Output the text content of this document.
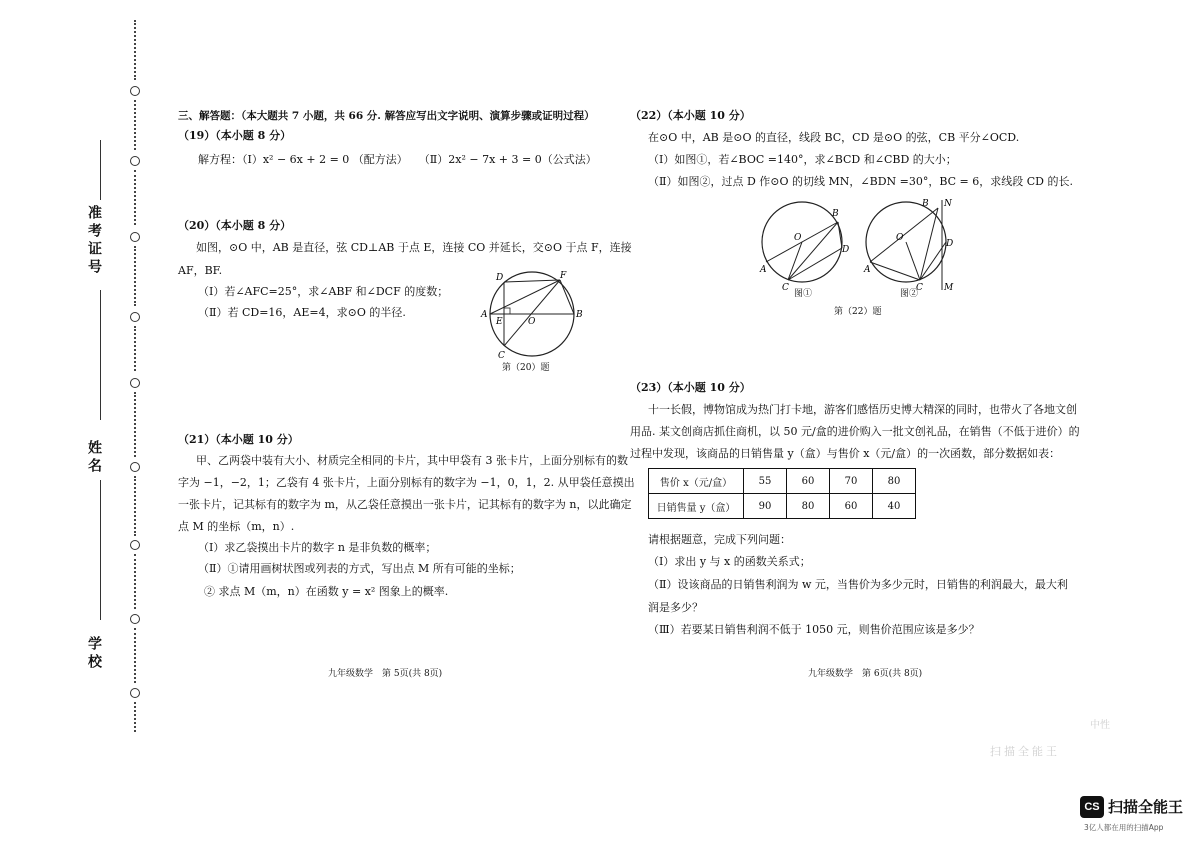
准考证号
姓名
学校
三、解答题：（本大题共 7 小题，共 66 分. 解答应写出文字说明、演算步骤或证明过程）
（19）（本小题 8 分）
解方程：（Ⅰ）x² − 6x + 2 = 0 （配方法）　　（Ⅱ）2x² − 7x + 3 = 0（公式法）
（20）（本小题 8 分）
如图，⊙O 中，AB 是直径，弦 CD⊥AB 于点 E，连接 CO 并延长，交⊙O 于点 F，连接
AF，BF.
（Ⅰ）若∠AFC=25°，求∠ABF 和∠DCF 的度数；
（Ⅱ）若 CD=16，AE=4，求⊙O 的半径.
D	F
A
E	O
B
C
第（20）题
（21）（本小题 10 分）
甲、乙两袋中装有大小、材质完全相同的卡片，其中甲袋有 3 张卡片，上面分别标有的数
字为 −1，−2，1；乙袋有 4 张卡片，上面分别标有的数字为 −1，0，1，2. 从甲袋任意摸出
一张卡片，记其标有的数字为 m，从乙袋任意摸出一张卡片，记其标有的数字为 n，以此确定
点 M 的坐标（m，n）.
（Ⅰ）求乙袋摸出卡片的数字 n 是非负数的概率；
（Ⅱ）①请用画树状图或列表的方式，写出点 M 所有可能的坐标；
② 求点 M（m，n）在函数 y = x² 图象上的概率.
九年级数学　第 5页(共 8页)
（22）（本小题 10 分）
在⊙O 中，AB 是⊙O 的直径，线段 BC，CD 是⊙O 的弦，CB 平分∠OCD.
（Ⅰ）如图①，若∠BOC =140°，求∠BCD 和∠CBD 的大小；
（Ⅱ）如图②，过点 D 作⊙O 的切线 MN，∠BDN =30°，BC = 6，求线段 CD 的长.
B
O
D
A
C
图①
B N
O
D
A
C M
图②
第（22）题
（23）（本小题 10 分）
十一长假，博物馆成为热门打卡地，游客们感悟历史博大精深的同时，也带火了各地文创
用品. 某文创商店抓住商机，以 50 元/盒的进价购入一批文创礼品，在销售（不低于进价）的
过程中发现，该商品的日销售量 y（盒）与售价 x（元/盒）的一次函数，部分数据如表：
售价 x（元/盒）	55	60	70	80
日销售量 y（盒）	90	80	60	40
请根据题意，完成下列问题：
（Ⅰ）求出 y 与 x 的函数关系式；
（Ⅱ）设该商品的日销售利润为 w 元，当售价为多少元时，日销售的利润最大，最大利
润是多少？
（Ⅲ）若要某日销售利润不低于 1050 元，则售价范围应该是多少？
九年级数学　第 6页(共 8页)
中性
扫描全能王
CS 扫描全能王
3亿人都在用的扫描App
